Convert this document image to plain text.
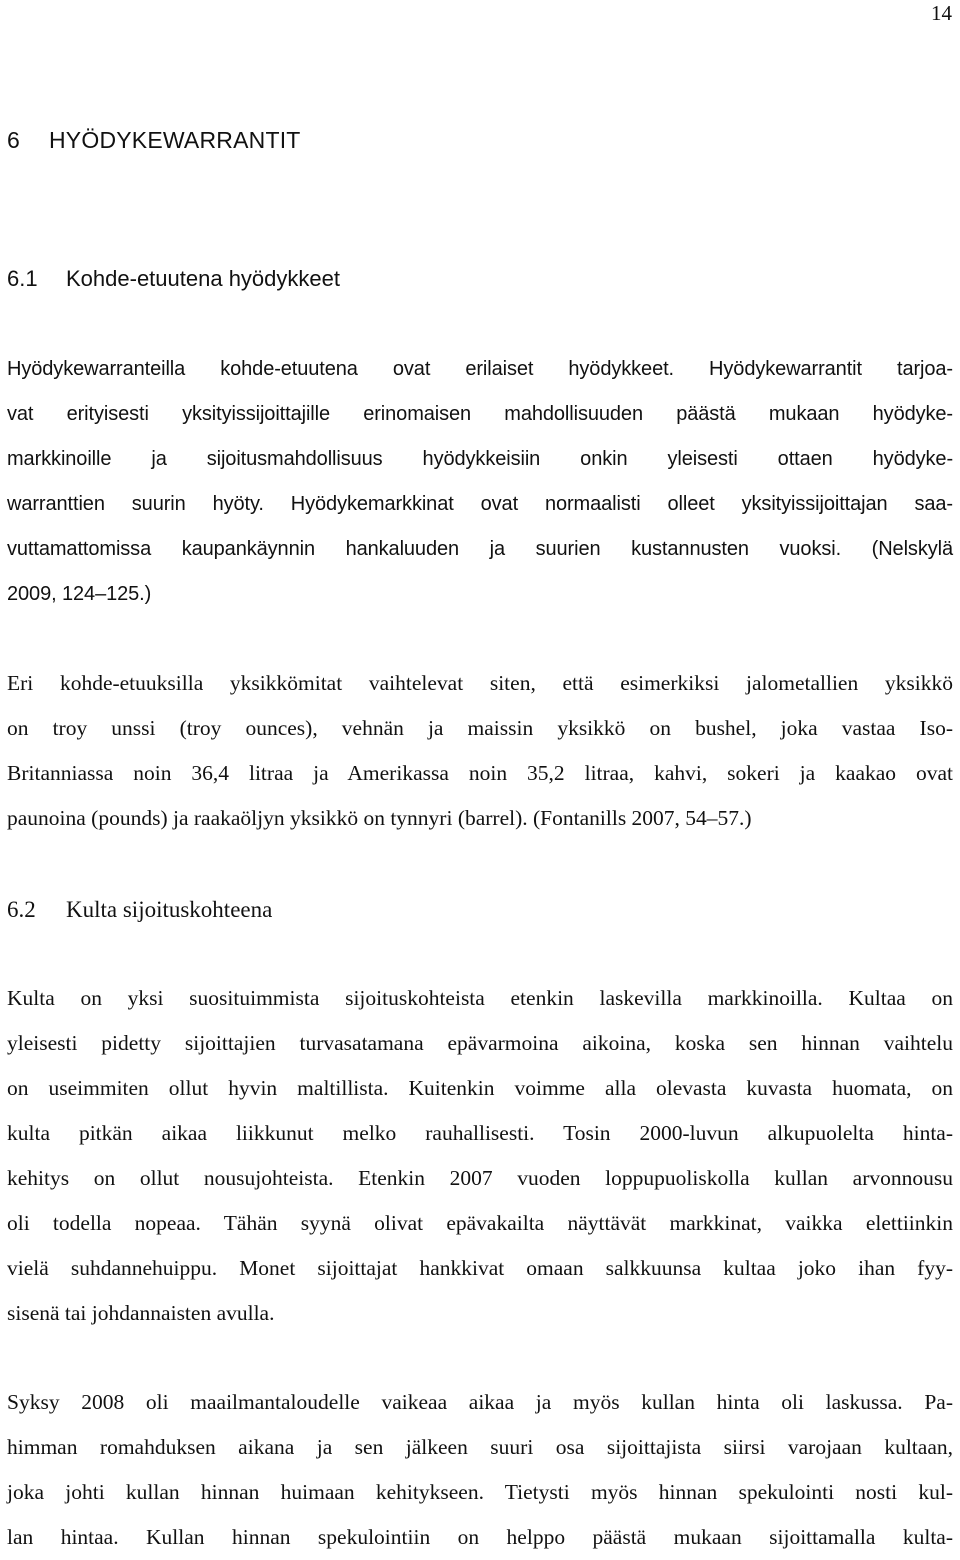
14
6 HYÖDYKEWARRANTIT
6.1 Kohde-etuutena hyödykkeet
Hyödykewarranteilla kohde-etuutena ovat erilaiset hyödykkeet. Hyödykewarrantit tarjoa-
vat erityisesti yksityissijoittajille erinomaisen mahdollisuuden päästä mukaan hyödyke-
markkinoille ja sijoitusmahdollisuus hyödykkeisiin onkin yleisesti ottaen hyödyke-
warranttien suurin hyöty. Hyödykemarkkinat ovat normaalisti olleet yksityissijoittajan saa-
vuttamattomissa kaupankäynnin hankaluuden ja suurien kustannusten vuoksi. (Nelskylä
2009, 124–125.)
Eri kohde-etuuksilla yksikkömitat vaihtelevat siten, että esimerkiksi jalometallien yksikkö
on troy unssi (troy ounces), vehnän ja maissin yksikkö on bushel, joka vastaa Iso-
Britanniassa noin 36,4 litraa ja Amerikassa noin 35,2 litraa, kahvi, sokeri ja kaakao ovat
paunoina (pounds) ja raakaöljyn yksikkö on tynnyri (barrel). (Fontanills 2007, 54–57.)
6.2 Kulta sijoituskohteena
Kulta on yksi suosituimmista sijoituskohteista etenkin laskevilla markkinoilla. Kultaa on
yleisesti pidetty sijoittajien turvasatamana epävarmoina aikoina, koska sen hinnan vaihtelu
on useimmiten ollut hyvin maltillista. Kuitenkin voimme alla olevasta kuvasta huomata, on
kulta pitkän aikaa liikkunut melko rauhallisesti. Tosin 2000-luvun alkupuolelta hinta-
kehitys on ollut nousujohteista. Etenkin 2007 vuoden loppupuoliskolla kullan arvonnousu
oli todella nopeaa. Tähän syynä olivat epävakailta näyttävät markkinat, vaikka elettiinkin
vielä suhdannehuippu. Monet sijoittajat hankkivat omaan salkkuunsa kultaa joko ihan fyy-
sisenä tai johdannaisten avulla.
Syksy 2008 oli maailmantaloudelle vaikeaa aikaa ja myös kullan hinta oli laskussa. Pa-
himman romahduksen aikana ja sen jälkeen suuri osa sijoittajista siirsi varojaan kultaan,
joka johti kullan hinnan huimaan kehitykseen. Tietysti myös hinnan spekulointi nosti kul-
lan hintaa. Kullan hinnan spekulointiin on helppo päästä mukaan sijoittamalla kulta-
